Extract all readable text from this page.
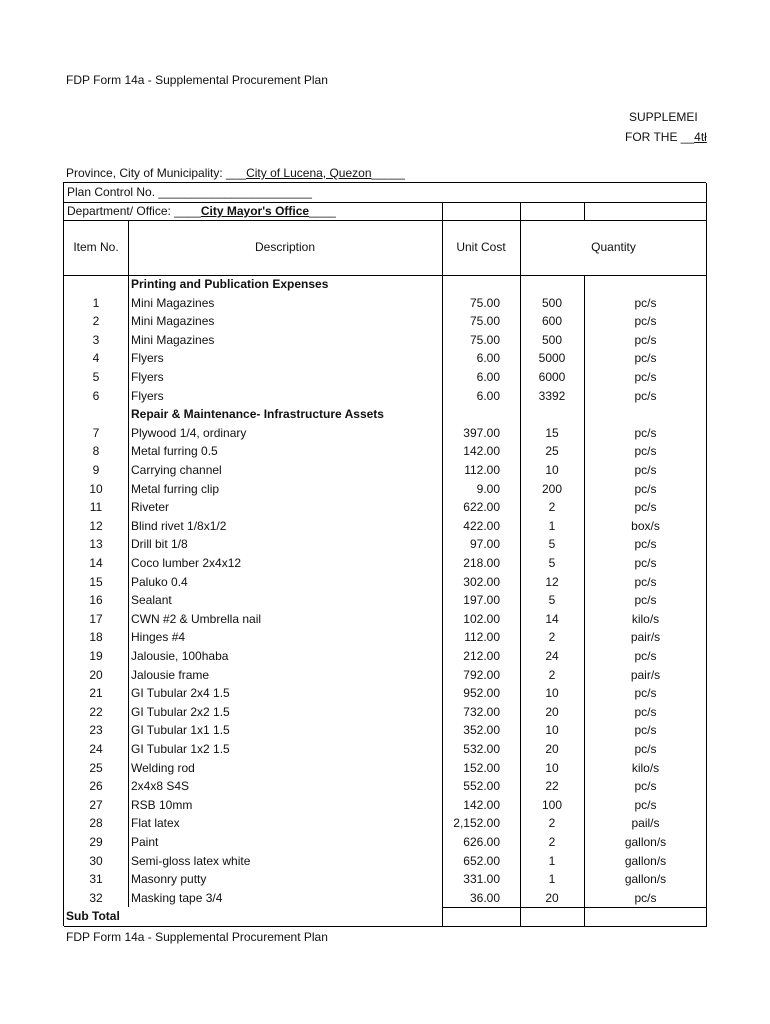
FDP Form 14a - Supplemental Procurement Plan
SUPPLEMEI
FOR THE __4tł
Province, City of Municipality: ___City of Lucena, Quezon_____
Plan Control No. _______________________
Department/ Office: ____City Mayor's Office____
Item No.	Description	Unit Cost	Quantity
Printing and Publication Expenses
1	Mini Magazines	75.00	500	pc/s
2	Mini Magazines	75.00	600	pc/s
3	Mini Magazines	75.00	500	pc/s
4	Flyers	6.00	5000	pc/s
5	Flyers	6.00	6000	pc/s
6	Flyers	6.00	3392	pc/s
Repair & Maintenance- Infrastructure Assets
7	Plywood 1/4, ordinary	397.00	15	pc/s
8	Metal furring 0.5	142.00	25	pc/s
9	Carrying channel	112.00	10	pc/s
10	Metal furring clip	9.00	200	pc/s
11	Riveter	622.00	2	pc/s
12	Blind rivet 1/8x1/2	422.00	1	box/s
13	Drill bit 1/8	97.00	5	pc/s
14	Coco lumber 2x4x12	218.00	5	pc/s
15	Paluko 0.4	302.00	12	pc/s
16	Sealant	197.00	5	pc/s
17	CWN #2 & Umbrella nail	102.00	14	kilo/s
18	Hinges #4	112.00	2	pair/s
19	Jalousie, 100haba	212.00	24	pc/s
20	Jalousie frame	792.00	2	pair/s
21	GI Tubular 2x4 1.5	952.00	10	pc/s
22	GI Tubular 2x2 1.5	732.00	20	pc/s
23	GI Tubular 1x1 1.5	352.00	10	pc/s
24	GI Tubular 1x2 1.5	532.00	20	pc/s
25	Welding rod	152.00	10	kilo/s
26	2x4x8 S4S	552.00	22	pc/s
27	RSB 10mm	142.00	100	pc/s
28	Flat latex	2,152.00	2	pail/s
29	Paint	626.00	2	gallon/s
30	Semi-gloss latex white	652.00	1	gallon/s
31	Masonry putty	331.00	1	gallon/s
32	Masking tape 3/4	36.00	20	pc/s
Sub Total
FDP Form 14a - Supplemental Procurement Plan
